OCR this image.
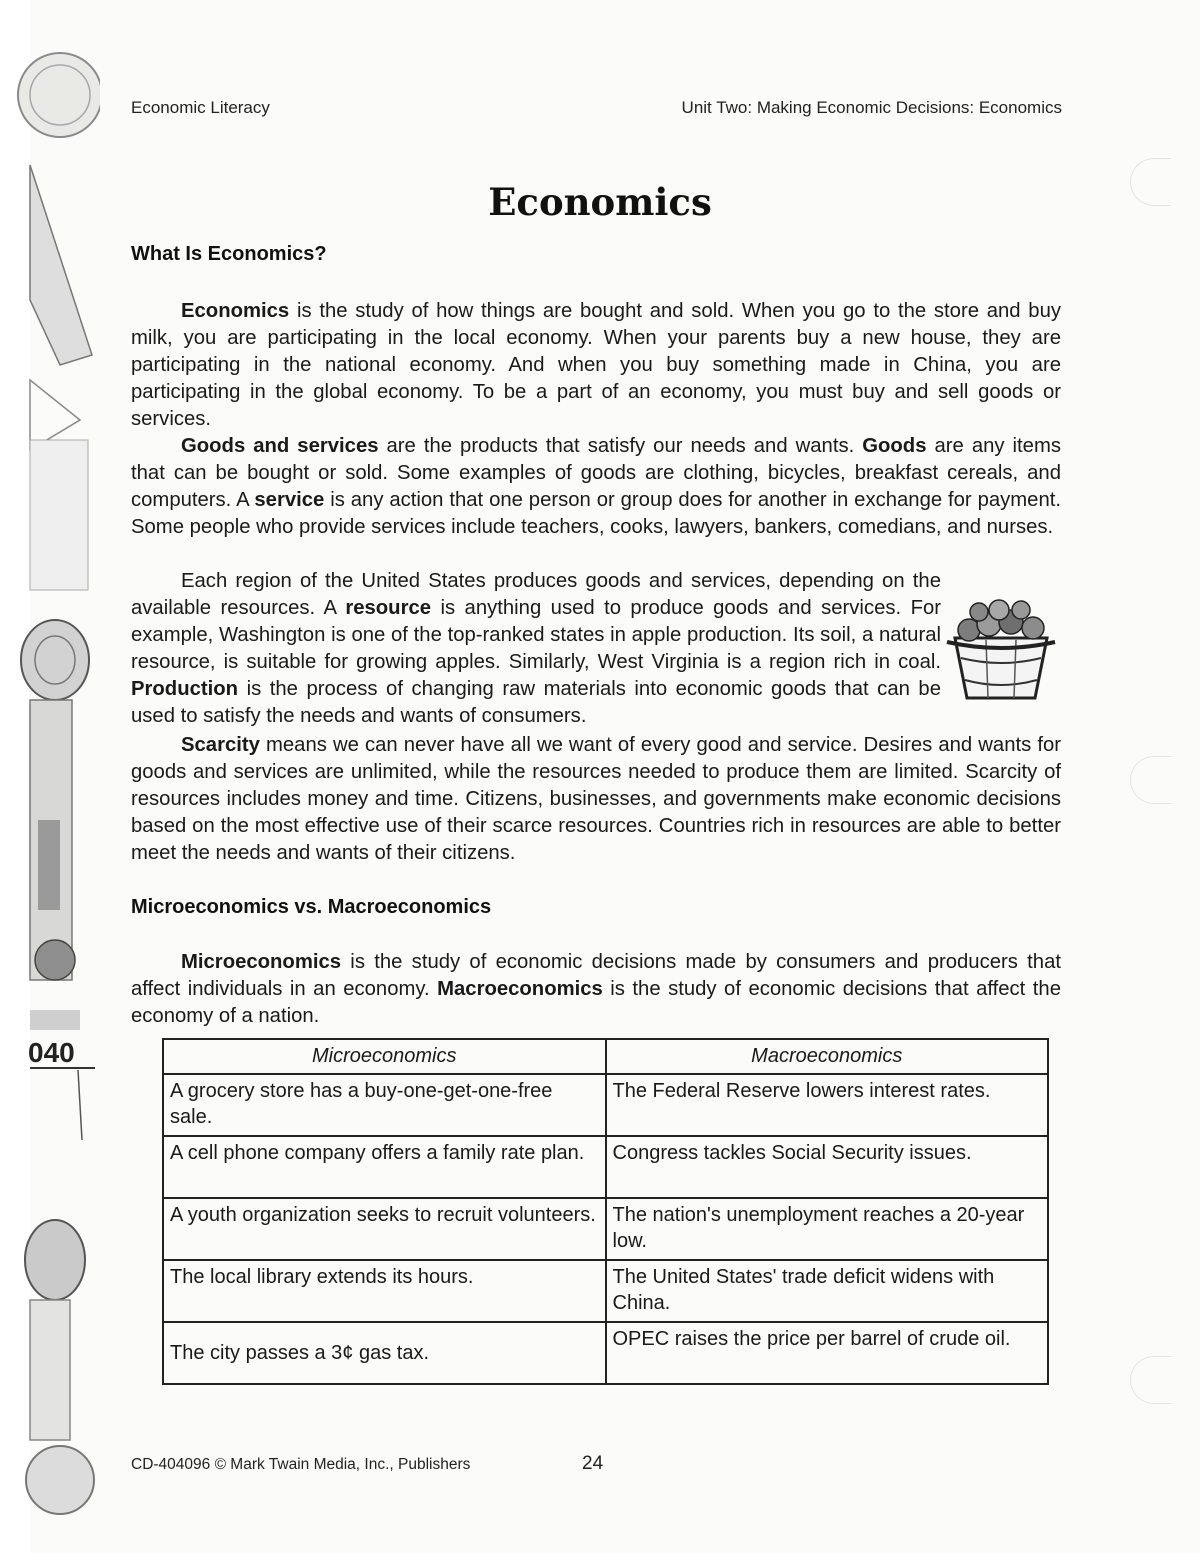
040
Economic Literacy	Unit Two: Making Economic Decisions: Economics
Economics
What Is Economics?

Economics is the study of how things are bought and sold. When you go to the store and buy milk, you are participating in the local economy. When your parents buy a new house, they are participating in the national economy. And when you buy something made in China, you are participating in the global economy. To be a part of an economy, you must buy and sell goods or services.

Goods and services are the products that satisfy our needs and wants. Goods are any items that can be bought or sold. Some examples of goods are clothing, bicycles, breakfast cereals, and computers. A service is any action that one person or group does for another in exchange for payment. Some people who provide services include teachers, cooks, lawyers, bankers, comedians, and nurses.

Each region of the United States produces goods and services, depending on the available resources. A resource is anything used to produce goods and services. For example, Washington is one of the top-ranked states in apple production. Its soil, a natural resource, is suitable for growing apples. Similarly, West Virginia is a region rich in coal. Production is the process of changing raw materials into economic goods that can be used to satisfy the needs and wants of consumers.

Scarcity means we can never have all we want of every good and service. Desires and wants for goods and services are unlimited, while the resources needed to produce them are limited. Scarcity of resources includes money and time. Citizens, businesses, and governments make economic decisions based on the most effective use of their scarce resources. Countries rich in resources are able to better meet the needs and wants of their citizens.

Microeconomics vs. Macroeconomics

Microeconomics is the study of economic decisions made by consumers and producers that affect individuals in an economy. Macroeconomics is the study of economic decisions that affect the economy of a nation.

Microeconomics	Macroeconomics
A grocery store has a buy-one-get-one-free sale.	The Federal Reserve lowers interest rates.
A cell phone company offers a family rate plan.	Congress tackles Social Security issues.
A youth organization seeks to recruit volunteers.	The nation's unemployment reaches a 20-year low.
The local library extends its hours.	The United States' trade deficit widens with China.
The city passes a 3¢ gas tax.	OPEC raises the price per barrel of crude oil.
CD-404096 © Mark Twain Media, Inc., Publishers	24
